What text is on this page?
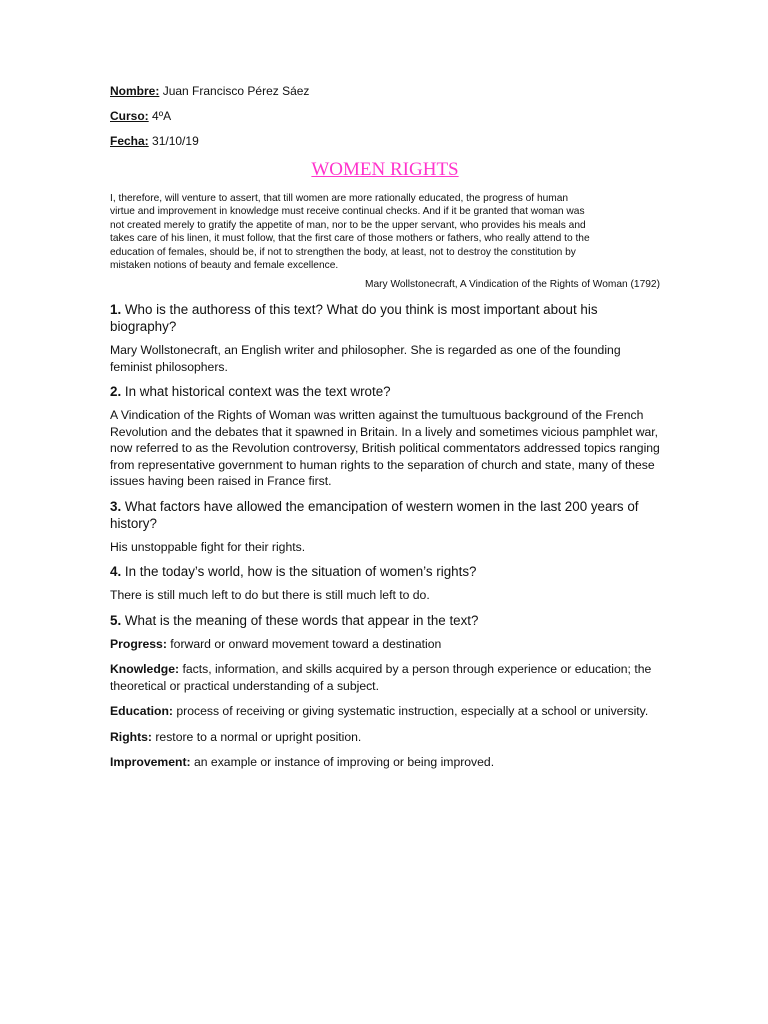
Nombre: Juan Francisco Pérez Sáez

Curso: 4ºA

Fecha: 31/10/19

WOMEN RIGHTS

I, therefore, will venture to assert, that till women are more rationally educated, the progress of human
virtue and improvement in knowledge must receive continual checks. And if it be granted that woman was
not created merely to gratify the appetite of man, nor to be the upper servant, who provides his meals and
takes care of his linen, it must follow, that the first care of those mothers or fathers, who really attend to the
education of females, should be, if not to strengthen the body, at least, not to destroy the constitution by
mistaken notions of beauty and female excellence.

Mary Wollstonecraft, A Vindication of the Rights of Woman (1792)

1. Who is the authoress of this text? What do you think is most important about his biography?

Mary Wollstonecraft, an English writer and philosopher. She is regarded as one of the founding feminist philosophers.

2. In what historical context was the text wrote?

A Vindication of the Rights of Woman was written against the tumultuous background of the French Revolution and the debates that it spawned in Britain. In a lively and sometimes vicious pamphlet war, now referred to as the Revolution controversy, British political commentators addressed topics ranging from representative government to human rights to the separation of church and state, many of these issues having been raised in France first.

3. What factors have allowed the emancipation of western women in the last 200 years of history?

His unstoppable fight for their rights.

4. In the today’s world, how is the situation of women’s rights?

There is still much left to do but there is still much left to do.

5. What is the meaning of these words that appear in the text?

Progress: forward or onward movement toward a destination

Knowledge: facts, information, and skills acquired by a person through experience or education; the theoretical or practical understanding of a subject.

Education: process of receiving or giving systematic instruction, especially at a school or university.

Rights: restore to a normal or upright position.

Improvement: an example or instance of improving or being improved.
